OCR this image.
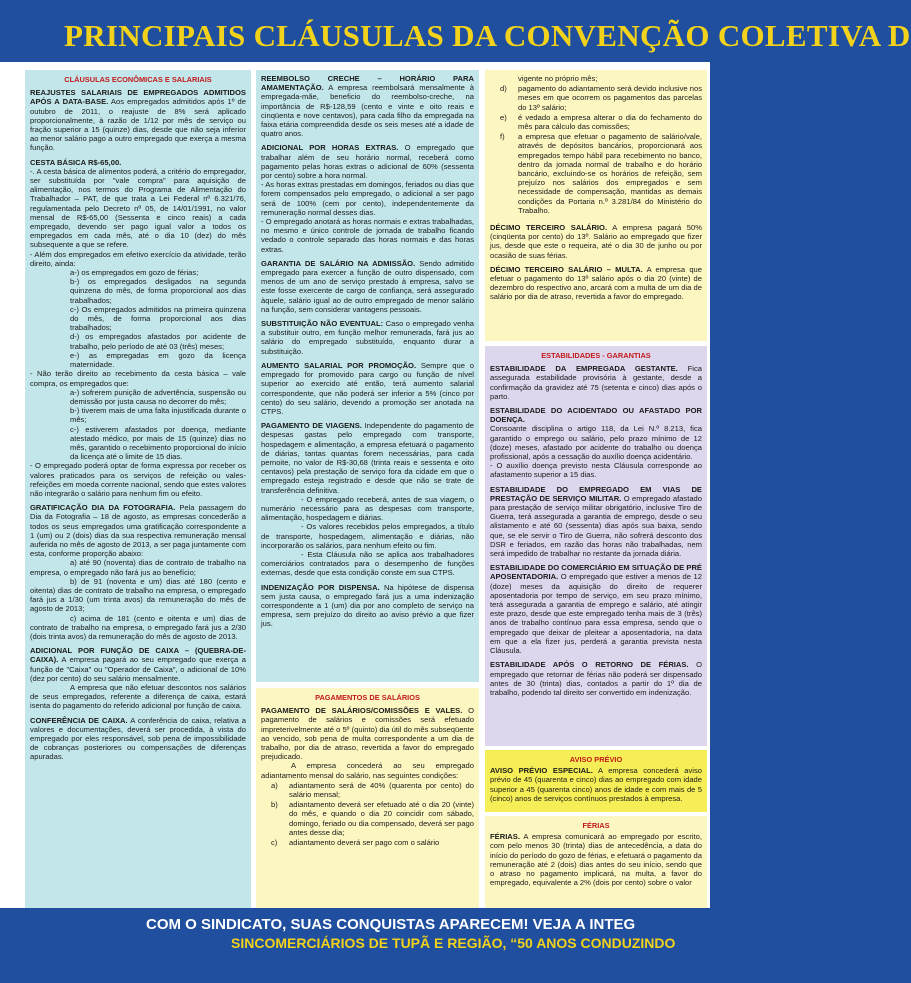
PRINCIPAIS CLÁUSULAS DA CONVENÇÃO COLETIVA D
CLÁUSULAS ECONÔMICAS E SALARIAIS

REAJUSTES SALARIAIS DE EMPREGADOS ADMITIDOS APÓS A DATA-BASE. Aos empregados admitidos após 1º de outubro de 2011, o reajuste de 8% será aplicado proporcionalmente, à razão de 1/12 por mês de serviço ou fração superior a 15 (quinze) dias, desde que não seja inferior ao menor salário pago a outro empregado que exerça a mesma função.

CESTA BÁSICA R$-65,00.

-. A cesta básica de alimentos poderá, a critério do empregador, ser substituída por "vale compra" para aquisição de alimentação, nos termos do Programa de Alimentação do Trabalhador – PAT, de que trata a Lei Federal nº 6.321/76, regulamentada pelo Decreto nº 05, de 14/01/1991, no valor mensal de R$-65,00 (Sessenta e cinco reais) a cada empregado, devendo ser pago igual valor a todos os empregados em cada mês, até o dia 10 (dez) do mês subsequente a que se refere.

- Além dos empregados em efetivo exercício da atividade, terão direito, ainda:

a-) os empregados em gozo de férias;

b-) os empregados desligados na segunda quinzena do mês, de forma proporcional aos dias trabalhados;

c-) Os empregados admitidos na primeira quinzena do mês, de forma proporcional aos dias trabalhados;

d-) os empregados afastados por acidente de trabalho, pelo período de até 03 (três) meses;

e-) as empregadas em gozo da licença maternidade.

- Não terão direito ao recebimento da cesta básica – vale compra, os empregados que:

a-) sofrerem punição de advertência, suspensão ou demissão por justa causa no decorrer do mês;

b-) tiverem mais de uma falta injustificada durante o mês;

c-) estiverem afastados por doença, mediante atestado médico, por mais de 15 (quinze) dias no mês, garantido o recebimento proporcional do início da licença até o limite de 15 dias.

- O empregado poderá optar de forma expressa por receber os valores praticados para os serviços de refeição ou vales-refeições em moeda corrente nacional, sendo que estes valores não integrarão o salário para nenhum fim ou efeito.

GRATIFICAÇÃO DIA DA FOTOGRAFIA. Pela passagem do Dia da Fotografia – 18 de agosto, as empresas concederão a todos os seus empregados uma gratificação correspondente a 1 (um) ou 2 (dois) dias da sua respectiva remuneração mensal auferida no mês de agosto de 2013, a ser paga juntamente com esta, conforme proporção abaixo:

a) até 90 (noventa) dias de contrato de trabalho na empresa, o empregado não fará jus ao benefício;

b) de 91 (noventa e um) dias até 180 (cento e oitenta) dias de contrato de trabalho na empresa, o empregado fará jus a 1/30 (um trinta avos) da remuneração do mês de agosto de 2013;

c) acima de 181 (cento e oitenta e um) dias de contrato de trabalho na empresa, o empregado fará jus a 2/30 (dois trinta avos) da remuneração do mês de agosto de 2013.

ADICIONAL POR FUNÇÃO DE CAIXA – (QUEBRA-DE-CAIXA). A empresa pagará ao seu empregado que exerça a função de "Caixa" ou "Operador de Caixa", o adicional de 10% (dez por cento) do seu salário mensalmente.

A empresa que não efetuar descontos nos salários de seus empregados, referente a diferença de caixa, estará isenta do pagamento do referido adicional por função de caixa.

CONFERÊNCIA DE CAIXA. A conferência do caixa, relativa a valores e documentações, deverá ser procedida, à vista do empregado por eles responsável, sob pena de impossibilidade de cobranças posteriores ou compensações de diferenças apuradas.

REEMBOLSO CRECHE – HORÁRIO PARA AMAMENTAÇÃO. A empresa reembolsará mensalmente à empregada-mãe, beneficio do reembolso-creche, na importância de R$-128,59 (cento e vinte e oito reais e cinqüenta e nove centavos), para cada filho da empregada na faixa etária compreendida desde os seis meses até a idade de quatro anos.

ADICIONAL POR HORAS EXTRAS. O empregado que trabalhar além de seu horário normal, receberá como pagamento pelas horas extras o adicional de 60% (sessenta por cento) sobre a hora normal.

- As horas extras prestadas em domingos, feriados ou dias que forem compensados pelo empregado, o adicional a ser pago será de 100% (cem por cento), independentemente da remuneração normal desses dias.

- O empregado anotará as horas normais e extras trabalhadas, no mesmo e único controle de jornada de trabalho ficando vedado o controle separado das horas normais e das horas extras.

GARANTIA DE SALÁRIO NA ADMISSÃO. Sendo admitido empregado para exercer a função de outro dispensado, com menos de um ano de serviço prestado à empresa, salvo se este fosse exercente de cargo de confiança, será assegurado àquele, salário igual ao de outro empregado de menor salário na função, sem considerar vantagens pessoais.

SUBSTITUIÇÃO NÃO EVENTUAL: Caso o empregado venha a substituir outro, em função melhor remunerada, fará jus ao salário do empregado substituído, enquanto durar a substituição.

AUMENTO SALARIAL POR PROMOÇÃO. Sempre que o empregado for promovido para cargo ou função de nível superior ao exercido até então, terá aumento salarial correspondente, que não poderá ser inferior a 5% (cinco por cento) do seu salário, devendo a promoção ser anotada na CTPS.

PAGAMENTO DE VIAGENS. Independente do pagamento de despesas gastas pelo empregado com transporte, hospedagem e alimentação, a empresa efetuará o pagamento de diárias, tantas quantas forem necessárias, para cada pernoite, no valor de R$-30,68 (trinta reais e sessenta e oito centavos) pela prestação de serviço fora da cidade em que o empregado esteja registrado e desde que não se trate de transferência definitiva.

- O empregado receberá, antes de sua viagem, o numerário necessário para as despesas com transporte, alimentação, hospedagem e diárias.

- Os valores recebidos pelos empregados, a título de transporte, hospedagem, alimentação e diárias, não incorporarão os salários, para nenhum efeito ou fim.

- Esta Cláusula não se aplica aos trabalhadores comerciários contratados para o desempenho de funções externas, desde que esta condição conste em sua CTPS.

INDENIZAÇÃO POR DISPENSA. Na hipótese de dispensa sem justa causa, o empregado fará jus a uma indenização correspondente a 1 (um) dia por ano completo de serviço na empresa, sem prejuízo do direito ao aviso prévio a que fizer jus.

PAGAMENTOS DE SALÁRIOS

PAGAMENTO DE SALÁRIOS/COMISSÕES E VALES. O pagamento de salários e comissões será efetuado impreterivelmente até o 5º (quinto) dia útil do mês subseqüente ao vencido, sob pena de multa correspondente a um dia de trabalho, por dia de atraso, revertida a favor do empregado prejudicado.

A empresa concederá ao seu empregado adiantamento mensal do salário, nas seguintes condições:

a)	adiantamento será de 40% (quarenta por cento) do salário mensal;
b)	adiantamento deverá ser efetuado até o dia 20 (vinte) do mês, e quando o dia 20 coincidir com sábado, domingo, feriado ou dia compensado, deverá ser pago antes desse dia;
c)	adiantamento deverá ser pago com o salário
vigente no próprio mês;
d)	pagamento do adiantamento será devido inclusive nos meses em que ocorrem os pagamentos das parcelas do 13º salário;
e)	é vedado a empresa alterar o dia do fechamento do mês para cálculo das comissões;
f)	a empresa que efetuar o pagamento de salário/vale, através de depósitos bancários, proporcionará aos empregados tempo hábil para recebimento no banco, dentro da jornada normal de trabalho e do horário bancário, excluindo-se os horários de refeição, sem prejuízo nos salários dos empregados e sem necessidade de compensação, mantidas as demais condições da Portaria n.º 3.281/84 do Ministério do Trabalho.

DÉCIMO TERCEIRO SALÁRIO. A empresa pagará 50% (cinqüenta por cento) do 13º. Salário ao empregado que fizer jus, desde que este o requeira, até o dia 30 de junho ou por ocasião de suas férias.

DÉCIMO TERCEIRO SALÁRIO – MULTA. A empresa que efetuar o pagamento do 13º salário após o dia 20 (vinte) de dezembro do respectivo ano, arcará com a multa de um dia de salário por dia de atraso, revertida a favor do empregado.

ESTABILIDADES - GARANTIAS

ESTABILIDADE DA EMPREGADA GESTANTE. Fica assegurada estabilidade provisória à gestante, desde a confirmação da gravidez até 75 (setenta e cinco) dias após o parto.

ESTABILIDADE DO ACIDENTADO OU AFASTADO POR DOENÇA.

Consoante disciplina o artigo 118, da Lei N.º 8.213, fica garantido o emprego ou salário, pelo prazo mínimo de 12 (doze) meses, afastado por acidente do trabalho ou doença profissional, após a cessação do auxílio doença acidentário.

- O auxílio doença previsto nesta Cláusula corresponde ao afastamento superior a 15 dias.

ESTABILIDADE DO EMPREGADO EM VIAS DE PRESTAÇÃO DE SERVIÇO MILITAR. O empregado afastado para prestação de serviço militar obrigatório, inclusive Tiro de Guerra, terá assegurada a garantia de emprego, desde o seu alistamento e até 60 (sessenta) dias após sua baixa, sendo que, se ele servir o Tiro de Guerra, não sofrerá desconto dos DSR e feriados, em razão das horas não trabalhadas, nem será impedido de trabalhar no restante da jornada diária.

ESTABILIDADE DO COMERCIÁRIO EM SITUAÇÃO DE PRÉ APOSENTADORIA. O empregado que estiver a menos de 12 (doze) meses da aquisição do direito de requerer aposentadoria por tempo de serviço, em seu prazo mínimo, terá assegurada a garantia de emprego e salário, até atingir este prazo, desde que este empregado tenha mais de 3 (três) anos de trabalho contínuo para essa empresa, sendo que o empregado que deixar de pleitear a aposentadoria, na data em que a ela fizer jus, perderá a garantia prevista nesta Cláusula.

ESTABILIDADE APÓS O RETORNO DE FÉRIAS. O empregado que retornar de férias não poderá ser dispensado antes de 30 (trinta) dias, contados a partir do 1º dia de trabalho, podendo tal direito ser convertido em indenização.

AVISO PRÉVIO

AVISO PRÉVIO ESPECIAL. A empresa concederá aviso prévio de 45 (quarenta e cinco) dias ao empregado com idade superior a 45 (quarenta cinco) anos de idade e com mais de 5 (cinco) anos de serviços contínuos prestados à empresa.

FÉRIAS

FÉRIAS. A empresa comunicará ao empregado por escrito, com pelo menos 30 (trinta) dias de antecedência, a data do início do período do gozo de férias, e efetuará o pagamento da remuneração até 2 (dois) dias antes do seu início, sendo que o atraso no pagamento implicará, na multa, a favor do empregado, equivalente a 2% (dois por cento) sobre o valor

COM O SINDICATO, SUAS CONQUISTAS APARECEM! VEJA A INTEG
SINCOMERCIÁRIOS DE TUPÃ E REGIÃO, “50 ANOS CONDUZINDO
